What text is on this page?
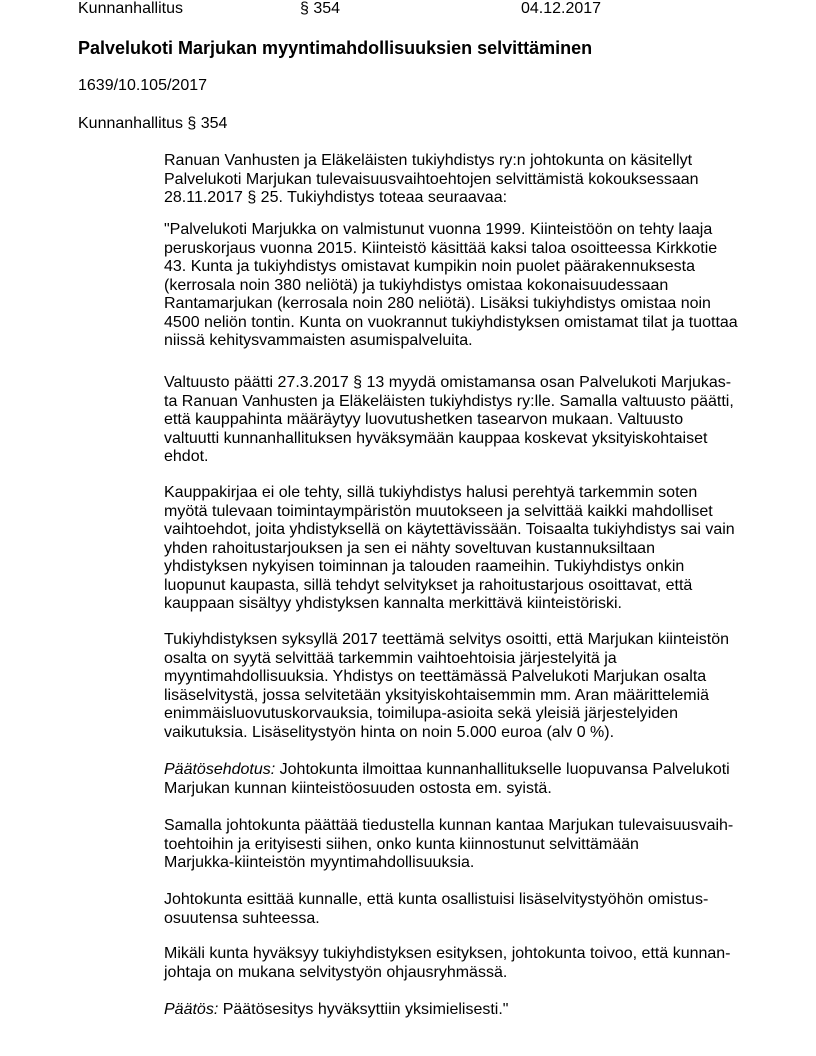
Kunnanhallitus	§ 354	04.12.2017
Palvelukoti Marjukan myyntimahdollisuuksien selvittäminen
1639/10.105/2017
Kunnanhallitus § 354

Ranuan Vanhusten ja Eläkeläisten tukiyhdistys ry:n johtokunta on käsitellyt
Palvelukoti Marjukan tulevaisuusvaihtoehtojen selvittämistä kokouksessaan
28.11.2017 § 25. Tukiyhdistys toteaa seuraavaa:

"Palvelukoti Marjukka on valmistunut vuonna 1999. Kiinteistöön on tehty laaja
peruskorjaus vuonna 2015. Kiinteistö käsittää kaksi taloa osoitteessa Kirkkotie
43. Kunta ja tukiyhdistys omistavat kumpikin noin puolet päärakennuksesta
(kerrosala noin 380 neliötä) ja tukiyhdistys omistaa kokonaisuudessaan
Rantamarjukan (kerrosala noin 280 neliötä). Lisäksi tukiyhdistys omistaa noin
4500 neliön tontin. Kunta on vuokrannut tukiyhdistyksen omistamat tilat ja tuottaa
niissä kehitysvammaisten asumispalveluita.

Valtuusto päätti 27.3.2017 § 13 myydä omistamansa osan Palvelukoti Marjukas-
ta Ranuan Vanhusten ja Eläkeläisten tukiyhdistys ry:lle. Samalla valtuusto päätti,
että kauppahinta määräytyy luovutushetken tasearvon mukaan. Valtuusto
valtuutti kunnanhallituksen hyväksymään kauppaa koskevat yksityiskohtaiset
ehdot.

Kauppakirjaa ei ole tehty, sillä tukiyhdistys halusi perehtyä tarkemmin soten
myötä tulevaan toimintaympäristön muutokseen ja selvittää kaikki mahdolliset
vaihtoehdot, joita yhdistyksellä on käytettävissään. Toisaalta tukiyhdistys sai vain
yhden rahoitustarjouksen ja sen ei nähty soveltuvan kustannuksiltaan
yhdistyksen nykyisen toiminnan ja talouden raameihin. Tukiyhdistys onkin
luopunut kaupasta, sillä tehdyt selvitykset ja rahoitustarjous osoittavat, että
kauppaan sisältyy yhdistyksen kannalta merkittävä kiinteistöriski.

Tukiyhdistyksen syksyllä 2017 teettämä selvitys osoitti, että Marjukan kiinteistön
osalta on syytä selvittää tarkemmin vaihtoehtoisia järjestelyitä ja
myyntimahdollisuuksia. Yhdistys on teettämässä Palvelukoti Marjukan osalta
lisäselvitystä, jossa selvitetään yksityiskohtaisemmin mm. Aran määrittelemiä
enimmäisluovutuskorvauksia, toimilupa-asioita sekä yleisiä järjestelyiden
vaikutuksia. Lisäselitystyön hinta on noin 5.000 euroa (alv 0 %).

Päätösehdotus: Johtokunta ilmoittaa kunnanhallitukselle luopuvansa Palvelukoti
Marjukan kunnan kiinteistöosuuden ostosta em. syistä.

Samalla johtokunta päättää tiedustella kunnan kantaa Marjukan tulevaisuusvaih-
toehtoihin ja erityisesti siihen, onko kunta kiinnostunut selvittämään
Marjukka-kiinteistön myyntimahdollisuuksia.

Johtokunta esittää kunnalle, että kunta osallistuisi lisäselvitystyöhön omistus-
osuutensa suhteessa.

Mikäli kunta hyväksyy tukiyhdistyksen esityksen, johtokunta toivoo, että kunnan-
johtaja on mukana selvitystyön ohjausryhmässä.

Päätös: Päätösesitys hyväksyttiin yksimielisesti."
